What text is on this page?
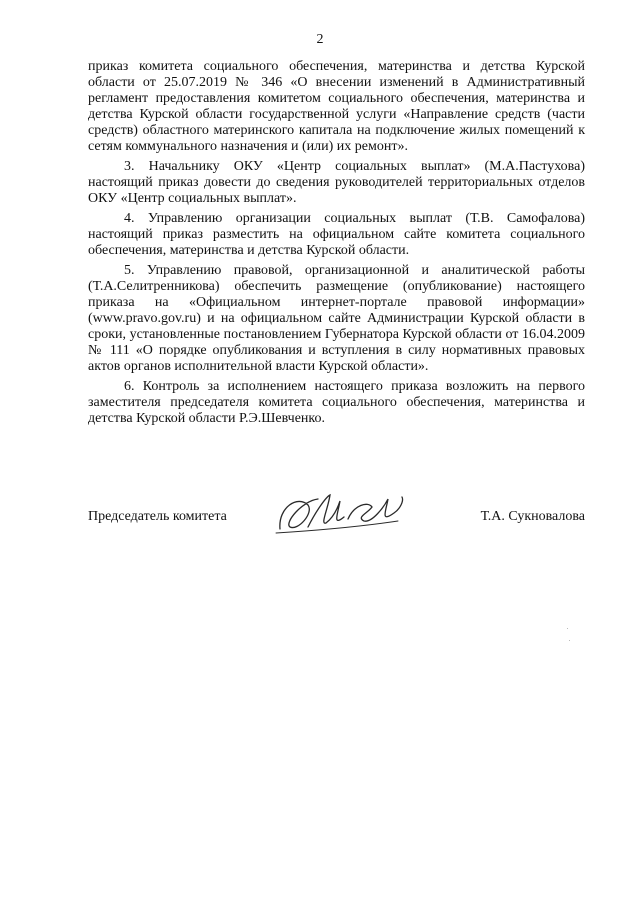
2

приказ комитета социального обеспечения, материнства и детства Курской области от 25.07.2019 № 346 «О внесении изменений в Административный регламент предоставления комитетом социального обеспечения, материнства и детства Курской области государственной услуги «Направление средств (части средств) областного материнского капитала на подключение жилых помещений к сетям коммунального назначения и (или) их ремонт».

3. Начальнику ОКУ «Центр социальных выплат» (М.А.Пастухова) настоящий приказ довести до сведения руководителей территориальных отделов ОКУ «Центр социальных выплат».

4. Управлению организации социальных выплат (Т.В. Самофалова) настоящий приказ разместить на официальном сайте комитета социального обеспечения, материнства и детства Курской области.

5. Управлению правовой, организационной и аналитической работы (Т.А.Селитренникова) обеспечить размещение (опубликование) настоящего приказа на «Официальном интернет-портале правовой информации» (www.pravo.gov.ru) и на официальном сайте Администрации Курской области в сроки, установленные постановлением Губернатора Курской области от 16.04.2009 № 111 «О порядке опубликования и вступления в силу нормативных правовых актов органов исполнительной власти Курской области».

6. Контроль за исполнением настоящего приказа возложить на первого заместителя председателя комитета социального обеспечения, материнства и детства Курской области Р.Э.Шевченко.

Председатель комитета	Т.А. Сукновалова
